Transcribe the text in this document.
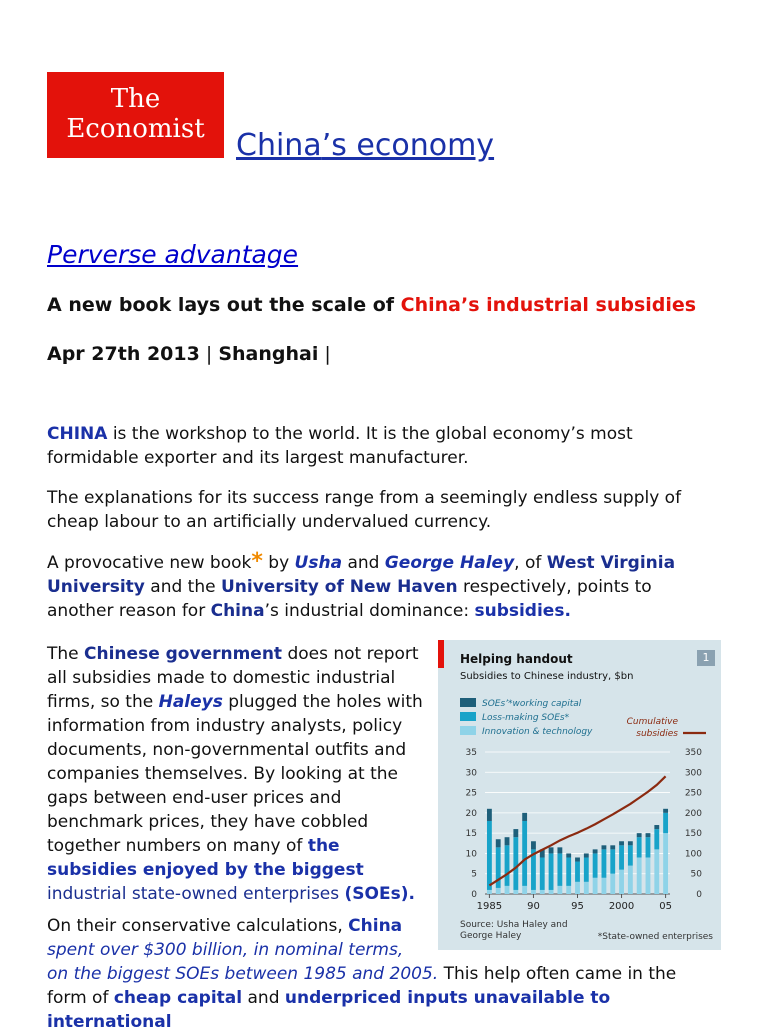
The
Economist	China’s economy
Perverse advantage
A new book lays out the scale of China’s industrial subsidies
Apr 27th 2013 | Shanghai |
CHINA is the workshop to the world. It is the global economy’s most formidable exporter and its largest manufacturer.
The explanations for its success range from a seemingly endless supply of cheap labour to an artificially undervalued currency.
A provocative new book* by Usha and George Haley, of West Virginia University and the University of New Haven respectively, points to another reason for China’s industrial dominance: subsidies.
The Chinese government does not report all subsidies made to domestic industrial firms, so the Haleys plugged the holes with information from industry analysts, policy documents, non-governmental outfits and companies themselves. By looking at the gaps between end-user prices and benchmark prices, they have cobbled together numbers on many of the subsidies enjoyed by the biggest industrial state-owned enterprises (SOEs).
On their conservative calculations, China
spent over $300 billion, in nominal terms,
on the biggest SOEs between 1985 and 2005. This help often came in the
form of cheap capital and underpriced inputs unavailable to international
Helping handout
Subsidies to Chinese industry, $bn
1
0
5
10
15
20
25
30
35
0
50
100
150
200
250
300
350
1985 90	95 2000 05
SOEs’*working capital
Loss-making SOEs*
Innovation & technology
Cumulative
subsidies
Source: Usha Haley and George Haley	*State-owned enterprises
